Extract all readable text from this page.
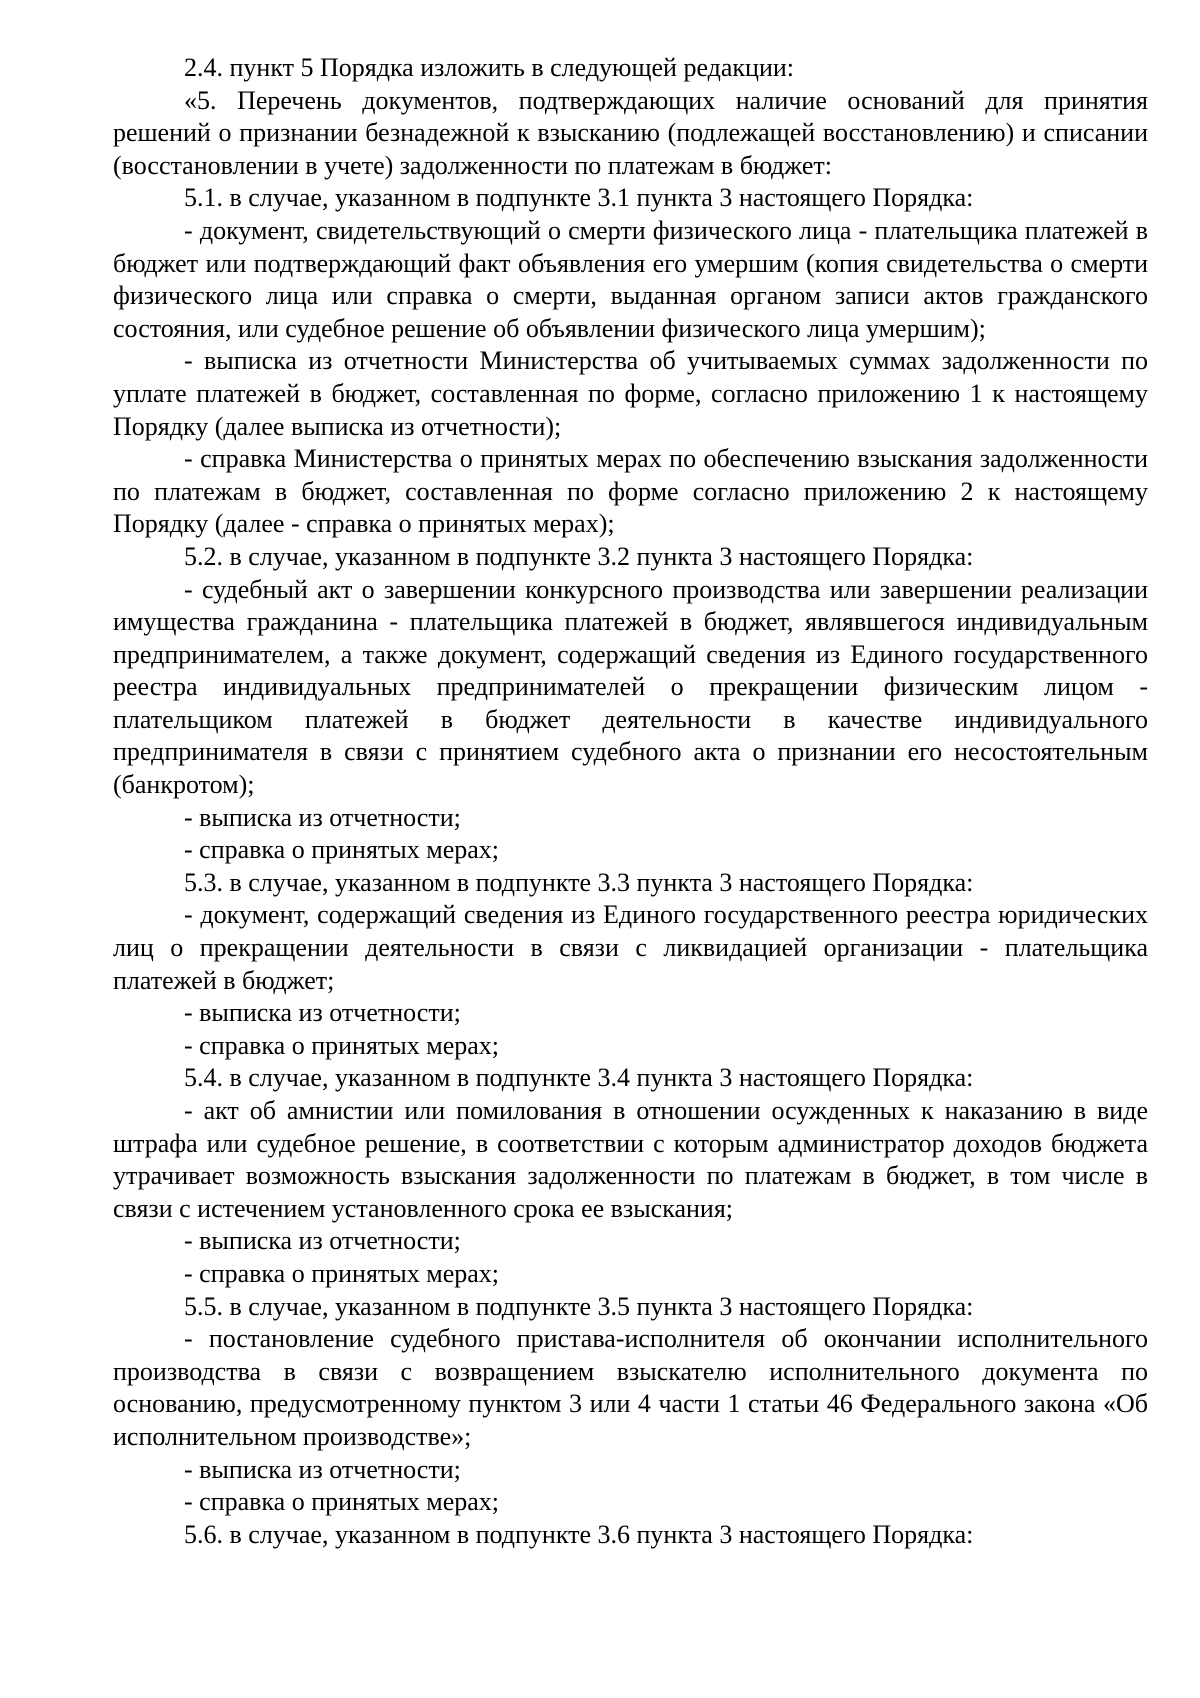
2.4. пункт 5 Порядка изложить в следующей редакции:

«5. Перечень документов, подтверждающих наличие оснований для принятия решений о признании безнадежной к взысканию (подлежащей восстановлению) и списании (восстановлении в учете) задолженности по платежам в бюджет:

5.1. в случае, указанном в подпункте 3.1 пункта 3 настоящего Порядка:

- документ, свидетельствующий о смерти физического лица - плательщика платежей в бюджет или подтверждающий факт объявления его умершим (копия свидетельства о смерти физического лица или справка о смерти, выданная органом записи актов гражданского состояния, или судебное решение об объявлении физического лица умершим);

- выписка из отчетности Министерства об учитываемых суммах задолженности по уплате платежей в бюджет, составленная по форме, согласно приложению 1 к настоящему Порядку (далее выписка из отчетности);

- справка Министерства о принятых мерах по обеспечению взыскания задолженности по платежам в бюджет, составленная по форме согласно приложению 2 к настоящему Порядку (далее - справка о принятых мерах);

5.2. в случае, указанном в подпункте 3.2 пункта 3 настоящего Порядка:

- судебный акт о завершении конкурсного производства или завершении реализации имущества гражданина - плательщика платежей в бюджет, являвшегося индивидуальным предпринимателем, а также документ, содержащий сведения из Единого государственного реестра индивидуальных предпринимателей о прекращении физическим лицом - плательщиком платежей в бюджет деятельности в качестве индивидуального предпринимателя в связи с принятием судебного акта о признании его несостоятельным (банкротом);

- выписка из отчетности;

- справка о принятых мерах;

5.3. в случае, указанном в подпункте 3.3 пункта 3 настоящего Порядка:

- документ, содержащий сведения из Единого государственного реестра юридических лиц о прекращении деятельности в связи с ликвидацией организации - плательщика платежей в бюджет;

- выписка из отчетности;

- справка о принятых мерах;

5.4. в случае, указанном в подпункте 3.4 пункта 3 настоящего Порядка:

- акт об амнистии или помилования в отношении осужденных к наказанию в виде штрафа или судебное решение, в соответствии с которым администратор доходов бюджета утрачивает возможность взыскания задолженности по платежам в бюджет, в том числе в связи с истечением установленного срока ее взыскания;

- выписка из отчетности;

- справка о принятых мерах;

5.5. в случае, указанном в подпункте 3.5 пункта 3 настоящего Порядка:

- постановление судебного пристава-исполнителя об окончании исполнительного производства в связи с возвращением взыскателю исполнительного документа по основанию, предусмотренному пунктом 3 или 4 части 1 статьи 46 Федерального закона «Об исполнительном производстве»;

- выписка из отчетности;

- справка о принятых мерах;

5.6. в случае, указанном в подпункте 3.6 пункта 3 настоящего Порядка:
